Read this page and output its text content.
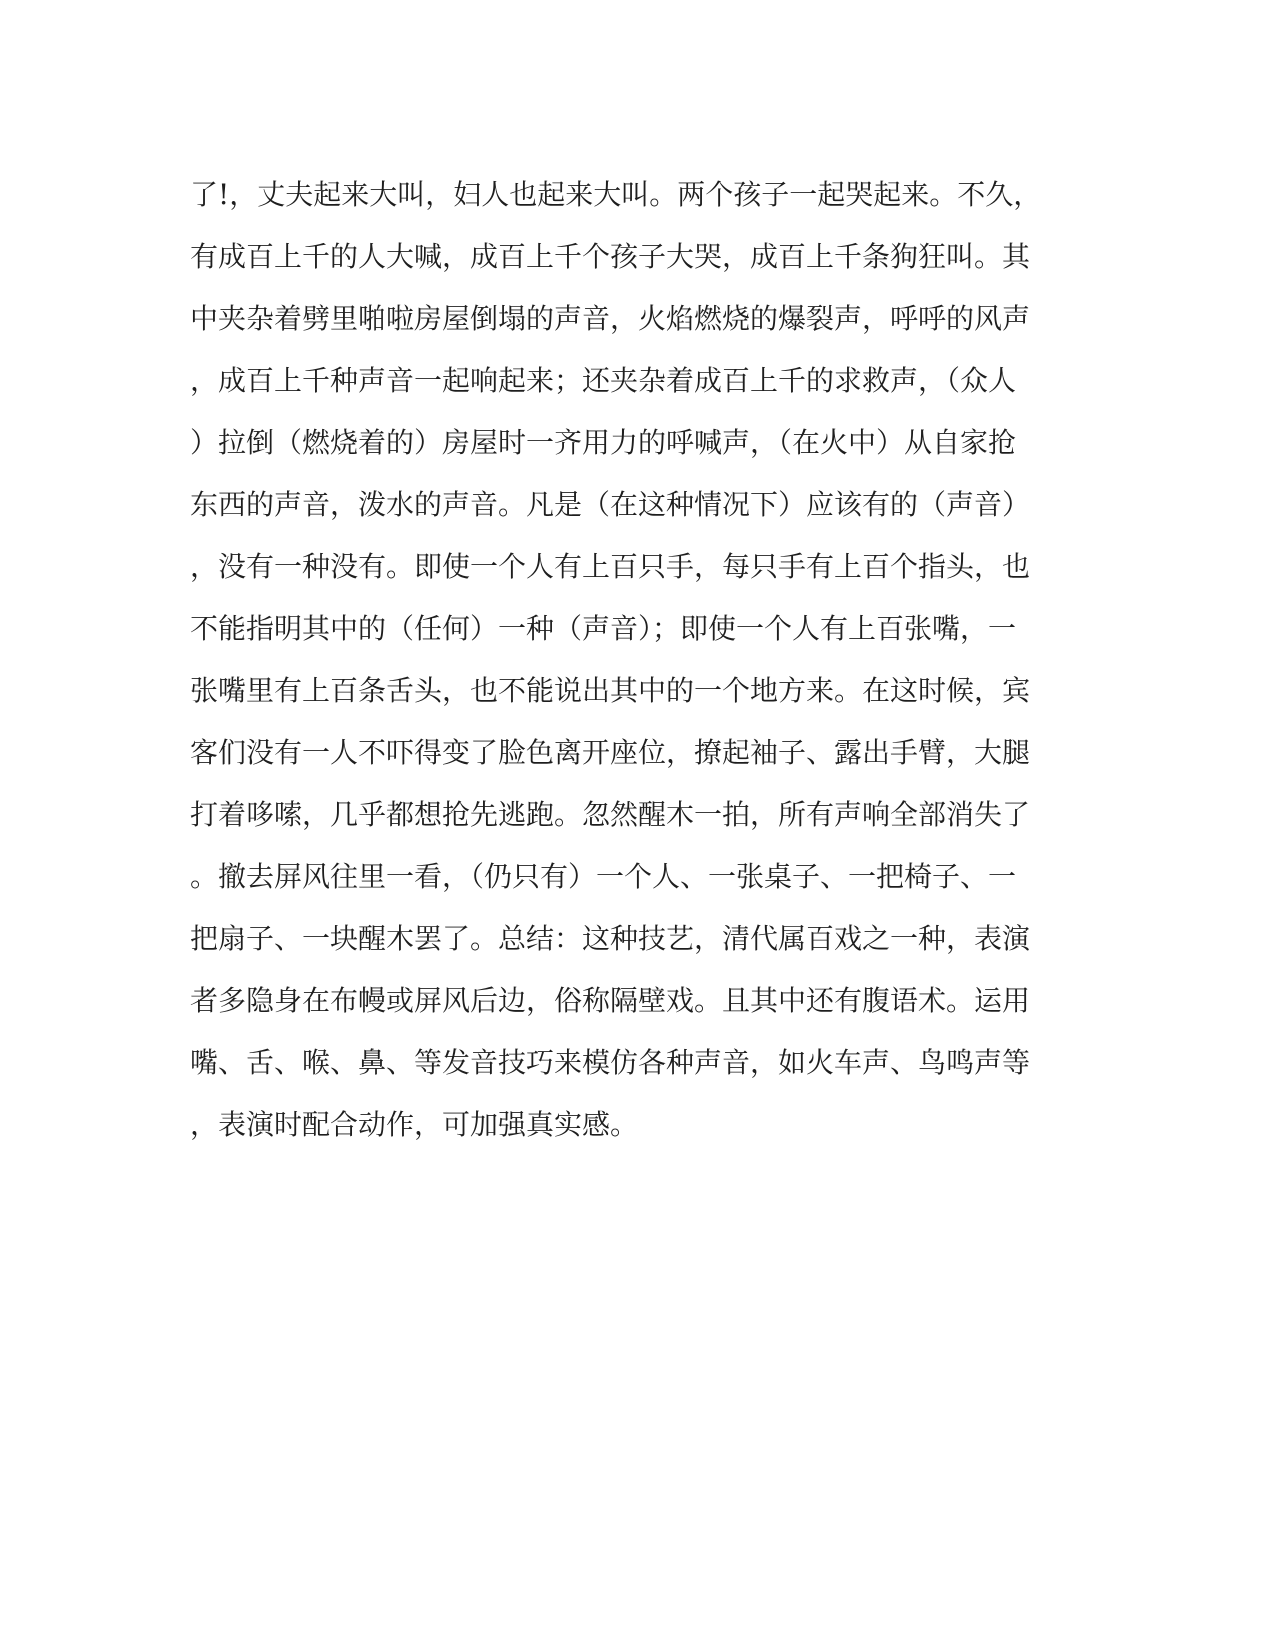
了!，丈夫起来大叫，妇人也起来大叫。两个孩子一起哭起来。不久，
有成百上千的人大喊，成百上千个孩子大哭，成百上千条狗狂叫。其
中夹杂着劈里啪啦房屋倒塌的声音，火焰燃烧的爆裂声，呼呼的风声
，成百上千种声音一起响起来；还夹杂着成百上千的求救声，（众人
）拉倒（燃烧着的）房屋时一齐用力的呼喊声，（在火中）从自家抢
东西的声音，泼水的声音。凡是（在这种情况下）应该有的（声音）
，没有一种没有。即使一个人有上百只手，每只手有上百个指头，也
不能指明其中的（任何）一种（声音）；即使一个人有上百张嘴，一
张嘴里有上百条舌头，也不能说出其中的一个地方来。在这时候，宾
客们没有一人不吓得变了脸色离开座位，撩起袖子、露出手臂，大腿
打着哆嗦，几乎都想抢先逃跑。忽然醒木一拍，所有声响全部消失了
。撤去屏风往里一看，（仍只有）一个人、一张桌子、一把椅子、一
把扇子、一块醒木罢了。总结：这种技艺，清代属百戏之一种，表演
者多隐身在布幔或屏风后边，俗称隔壁戏。且其中还有腹语术。运用
嘴、舌、喉、鼻、等发音技巧来模仿各种声音，如火车声、鸟鸣声等
，表演时配合动作，可加强真实感。
